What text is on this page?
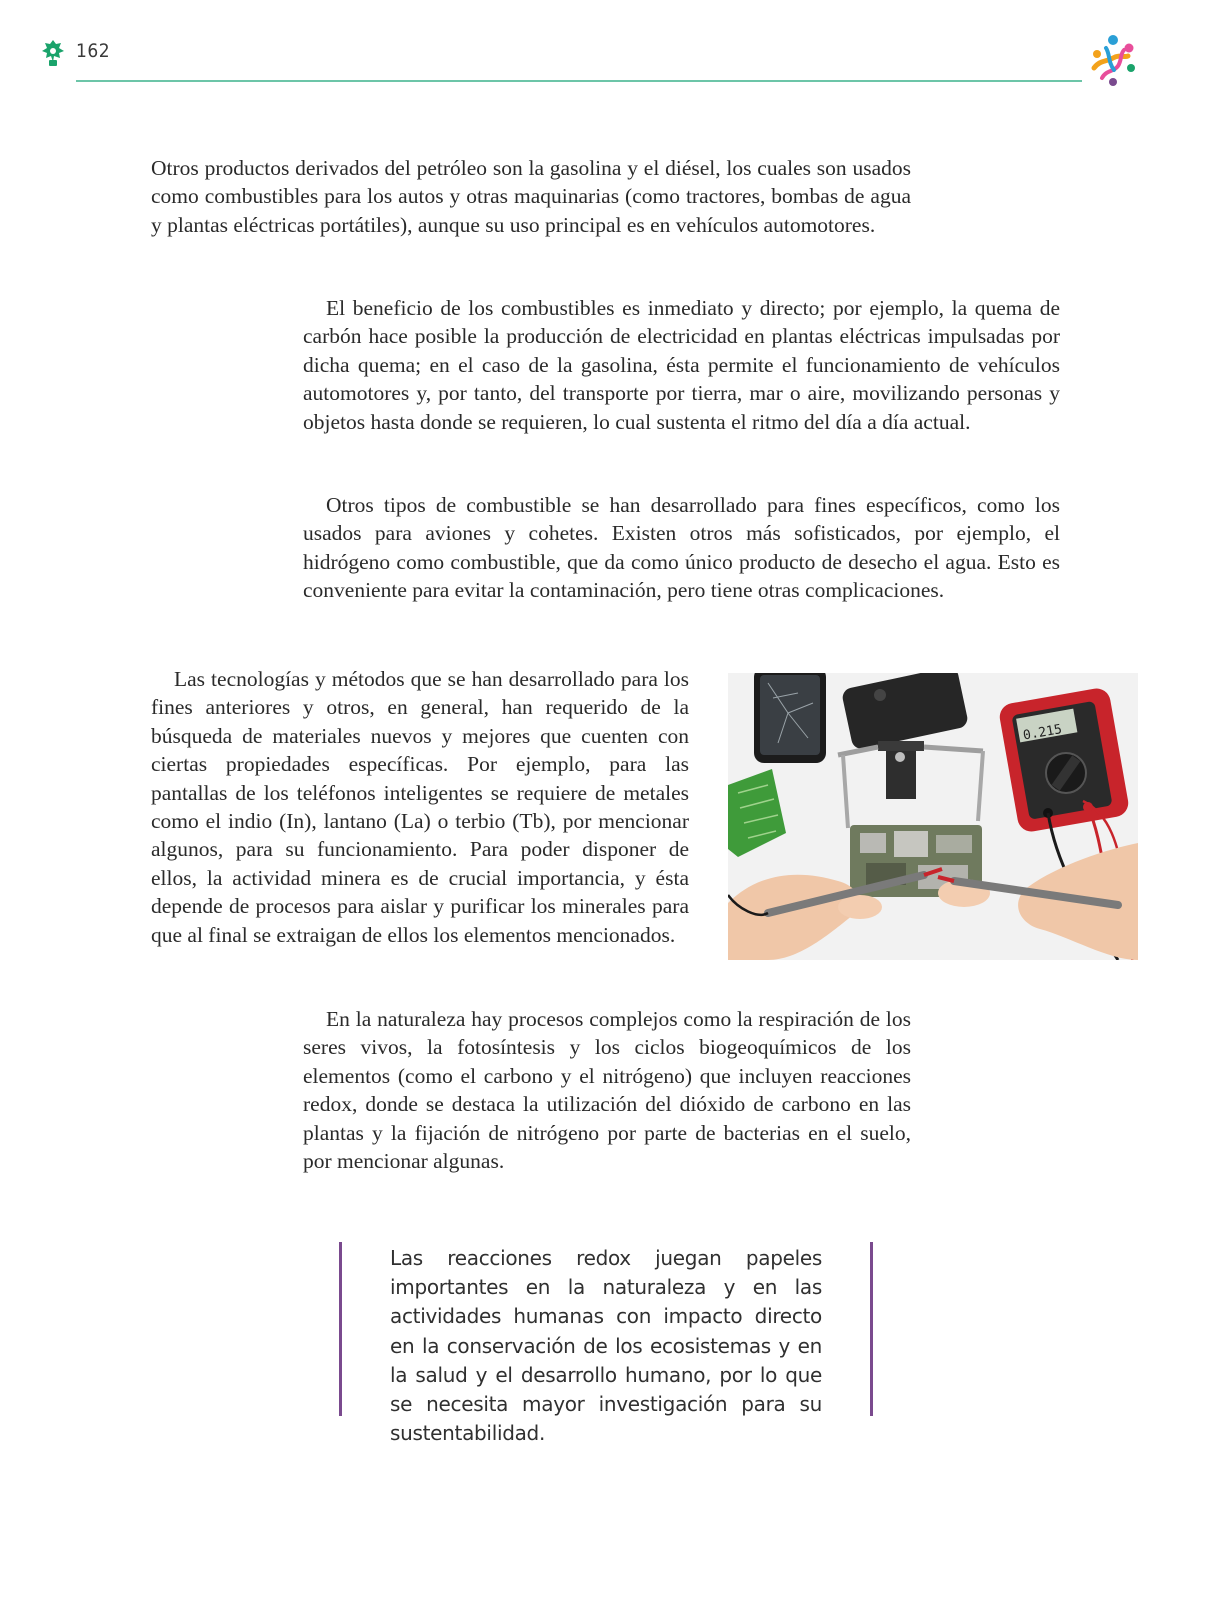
162

Otros productos derivados del petróleo son la gasolina y el diésel, los cuales son usados como combustibles para los autos y otras maquinarias (como tractores, bombas de agua y plantas eléctricas portátiles), aunque su uso principal es en vehículos automotores.

El beneficio de los combustibles es inmediato y directo; por ejemplo, la quema de carbón hace posible la producción de electricidad en plantas eléctricas impulsadas por dicha quema; en el caso de la gasolina, ésta permite el funcionamiento de vehículos automotores y, por tanto, del transporte por tierra, mar o aire, movilizando personas y objetos hasta donde se requieren, lo cual sustenta el ritmo del día a día actual.

Otros tipos de combustible se han desarrollado para fines específicos, como los usados para aviones y cohetes. Existen otros más sofisticados, por ejemplo, el hidrógeno como combustible, que da como único producto de desecho el agua. Esto es conveniente para evitar la contaminación, pero tiene otras complicaciones.

Las tecnologías y métodos que se han desarrollado para los fines anteriores y otros, en general, han requerido de la búsqueda de materiales nuevos y mejores que cuenten con ciertas propiedades específicas. Por ejemplo, para las pantallas de los teléfonos inteligentes se requiere de metales como el indio (In), lantano (La) o terbio (Tb), por mencionar algunos, para su funcionamiento. Para poder disponer de ellos, la actividad minera es de crucial importancia, y ésta depende de procesos para aislar y purificar los minerales para que al final se extraigan de ellos los elementos mencionados.

0.215

En la naturaleza hay procesos complejos como la respiración de los seres vivos, la fotosíntesis y los ciclos biogeoquímicos de los elementos (como el carbono y el nitrógeno) que incluyen reacciones redox, donde se destaca la utilización del dióxido de carbono en las plantas y la fijación de nitrógeno por parte de bacterias en el suelo, por mencionar algunas.

Las reacciones redox juegan papeles importantes en la naturaleza y en las actividades humanas con impacto directo en la conservación de los ecosistemas y en la salud y el desarrollo humano, por lo que se necesita mayor investigación para su sustentabilidad.
